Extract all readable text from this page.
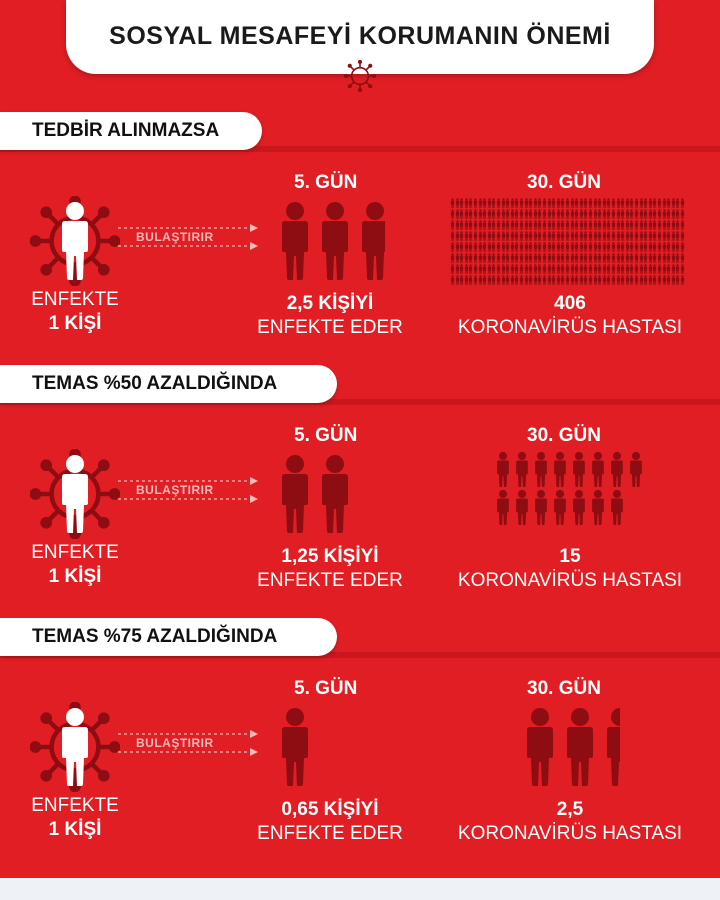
SOSYAL MESAFEYİ KORUMANIN ÖNEMİ
TEDBİR ALINMAZSA
ENFEKTE
1 KİŞİ
BULAŞTIRIR
5. GÜN
2,5 KİŞİYİ
ENFEKTE EDER
30. GÜN
406
KORONAVİRÜS HASTASI
TEMAS %50 AZALDIĞINDA
ENFEKTE
1 KİŞİ
BULAŞTIRIR
5. GÜN
1,25 KİŞİYİ
ENFEKTE EDER
30. GÜN
15
KORONAVİRÜS HASTASI
TEMAS %75 AZALDIĞINDA
ENFEKTE
1 KİŞİ
BULAŞTIRIR
5. GÜN
0,65 KİŞİYİ
ENFEKTE EDER
30. GÜN
2,5
KORONAVİRÜS HASTASI
